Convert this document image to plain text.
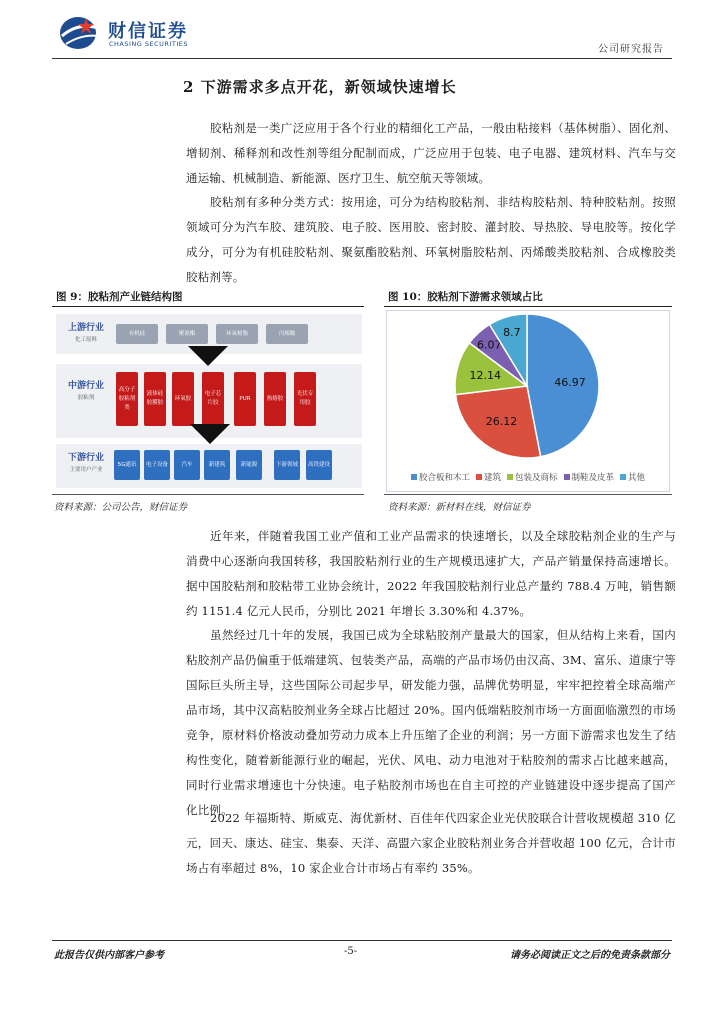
财信证券
CHASING SECURITIES	公司研究报告
2 下游需求多点开花，新领域快速增长

胶粘剂是一类广泛应用于各个行业的精细化工产品，一般由粘接料（基体树脂）、固化剂、增韧剂、稀释剂和改性剂等组分配制而成，广泛应用于包装、电子电器、建筑材料、汽车与交通运输、机械制造、新能源、医疗卫生、航空航天等领域。

胶粘剂有多种分类方式：按用途，可分为结构胶粘剂、非结构胶粘剂、特种胶粘剂。按照领域可分为汽车胶、建筑胶、电子胶、医用胶、密封胶、灌封胶、导热胶、导电胶等。按化学成分，可分为有机硅胶粘剂、聚氨酯胶粘剂、环氧树脂胶粘剂、丙烯酸类胶粘剂、合成橡胶类胶粘剂等。

图 9：胶粘剂产业链结构图	图 10：胶粘剂下游需求领域占比
上游行业
化工原料
中游行业
胶粘剂
下游行业
主要用户产业
有机硅	聚氨酯	环氧树脂	丙烯酸
高分子胶粘剂类
液体硅胶膜胶
环氧胶
电子芯片胶
PUR	热熔胶
光伏专用胶
5G通讯	电子设备	汽车	新建筑	新能源	下游领域	高铁建设
46.97
26.12
12.14
6.07
8.7
胶合板和木工 建筑 包装及商标 制鞋及皮革 其他
资料来源：公司公告，财信证券	资料来源：新材料在线，财信证券

近年来，伴随着我国工业产值和工业产品需求的快速增长，以及全球胶粘剂企业的生产与消费中心逐渐向我国转移，我国胶粘剂行业的生产规模迅速扩大，产品产销量保持高速增长。据中国胶粘剂和胶粘带工业协会统计，2022 年我国胶粘剂行业总产量约 788.4 万吨，销售额约 1151.4 亿元人民币，分别比 2021 年增长 3.30%和 4.37%。

虽然经过几十年的发展，我国已成为全球粘胶剂产量最大的国家，但从结构上来看，国内粘胶剂产品仍偏重于低端建筑、包装类产品，高端的产品市场仍由汉高、3M、富乐、道康宁等国际巨头所主导，这些国际公司起步早，研发能力强，品牌优势明显，牢牢把控着全球高端产品市场，其中汉高粘胶剂业务全球占比超过 20%。国内低端粘胶剂市场一方面面临激烈的市场竞争，原材料价格波动叠加劳动力成本上升压缩了企业的利润；另一方面下游需求也发生了结构性变化，随着新能源行业的崛起，光伏、风电、动力电池对于粘胶剂的需求占比越来越高，同时行业需求增速也十分快速。电子粘胶剂市场也在自主可控的产业链建设中逐步提高了国产化比例。

2022 年福斯特、斯威克、海优新材、百佳年代四家企业光伏胶联合计营收规模超 310 亿元，回天、康达、硅宝、集泰、天洋、高盟六家企业胶粘剂业务合并营收超 100 亿元，合计市场占有率超过 8%，10 家企业合计市场占有率约 35%。

此报告仅供内部客户参考	-5-	请务必阅读正文之后的免责条款部分
